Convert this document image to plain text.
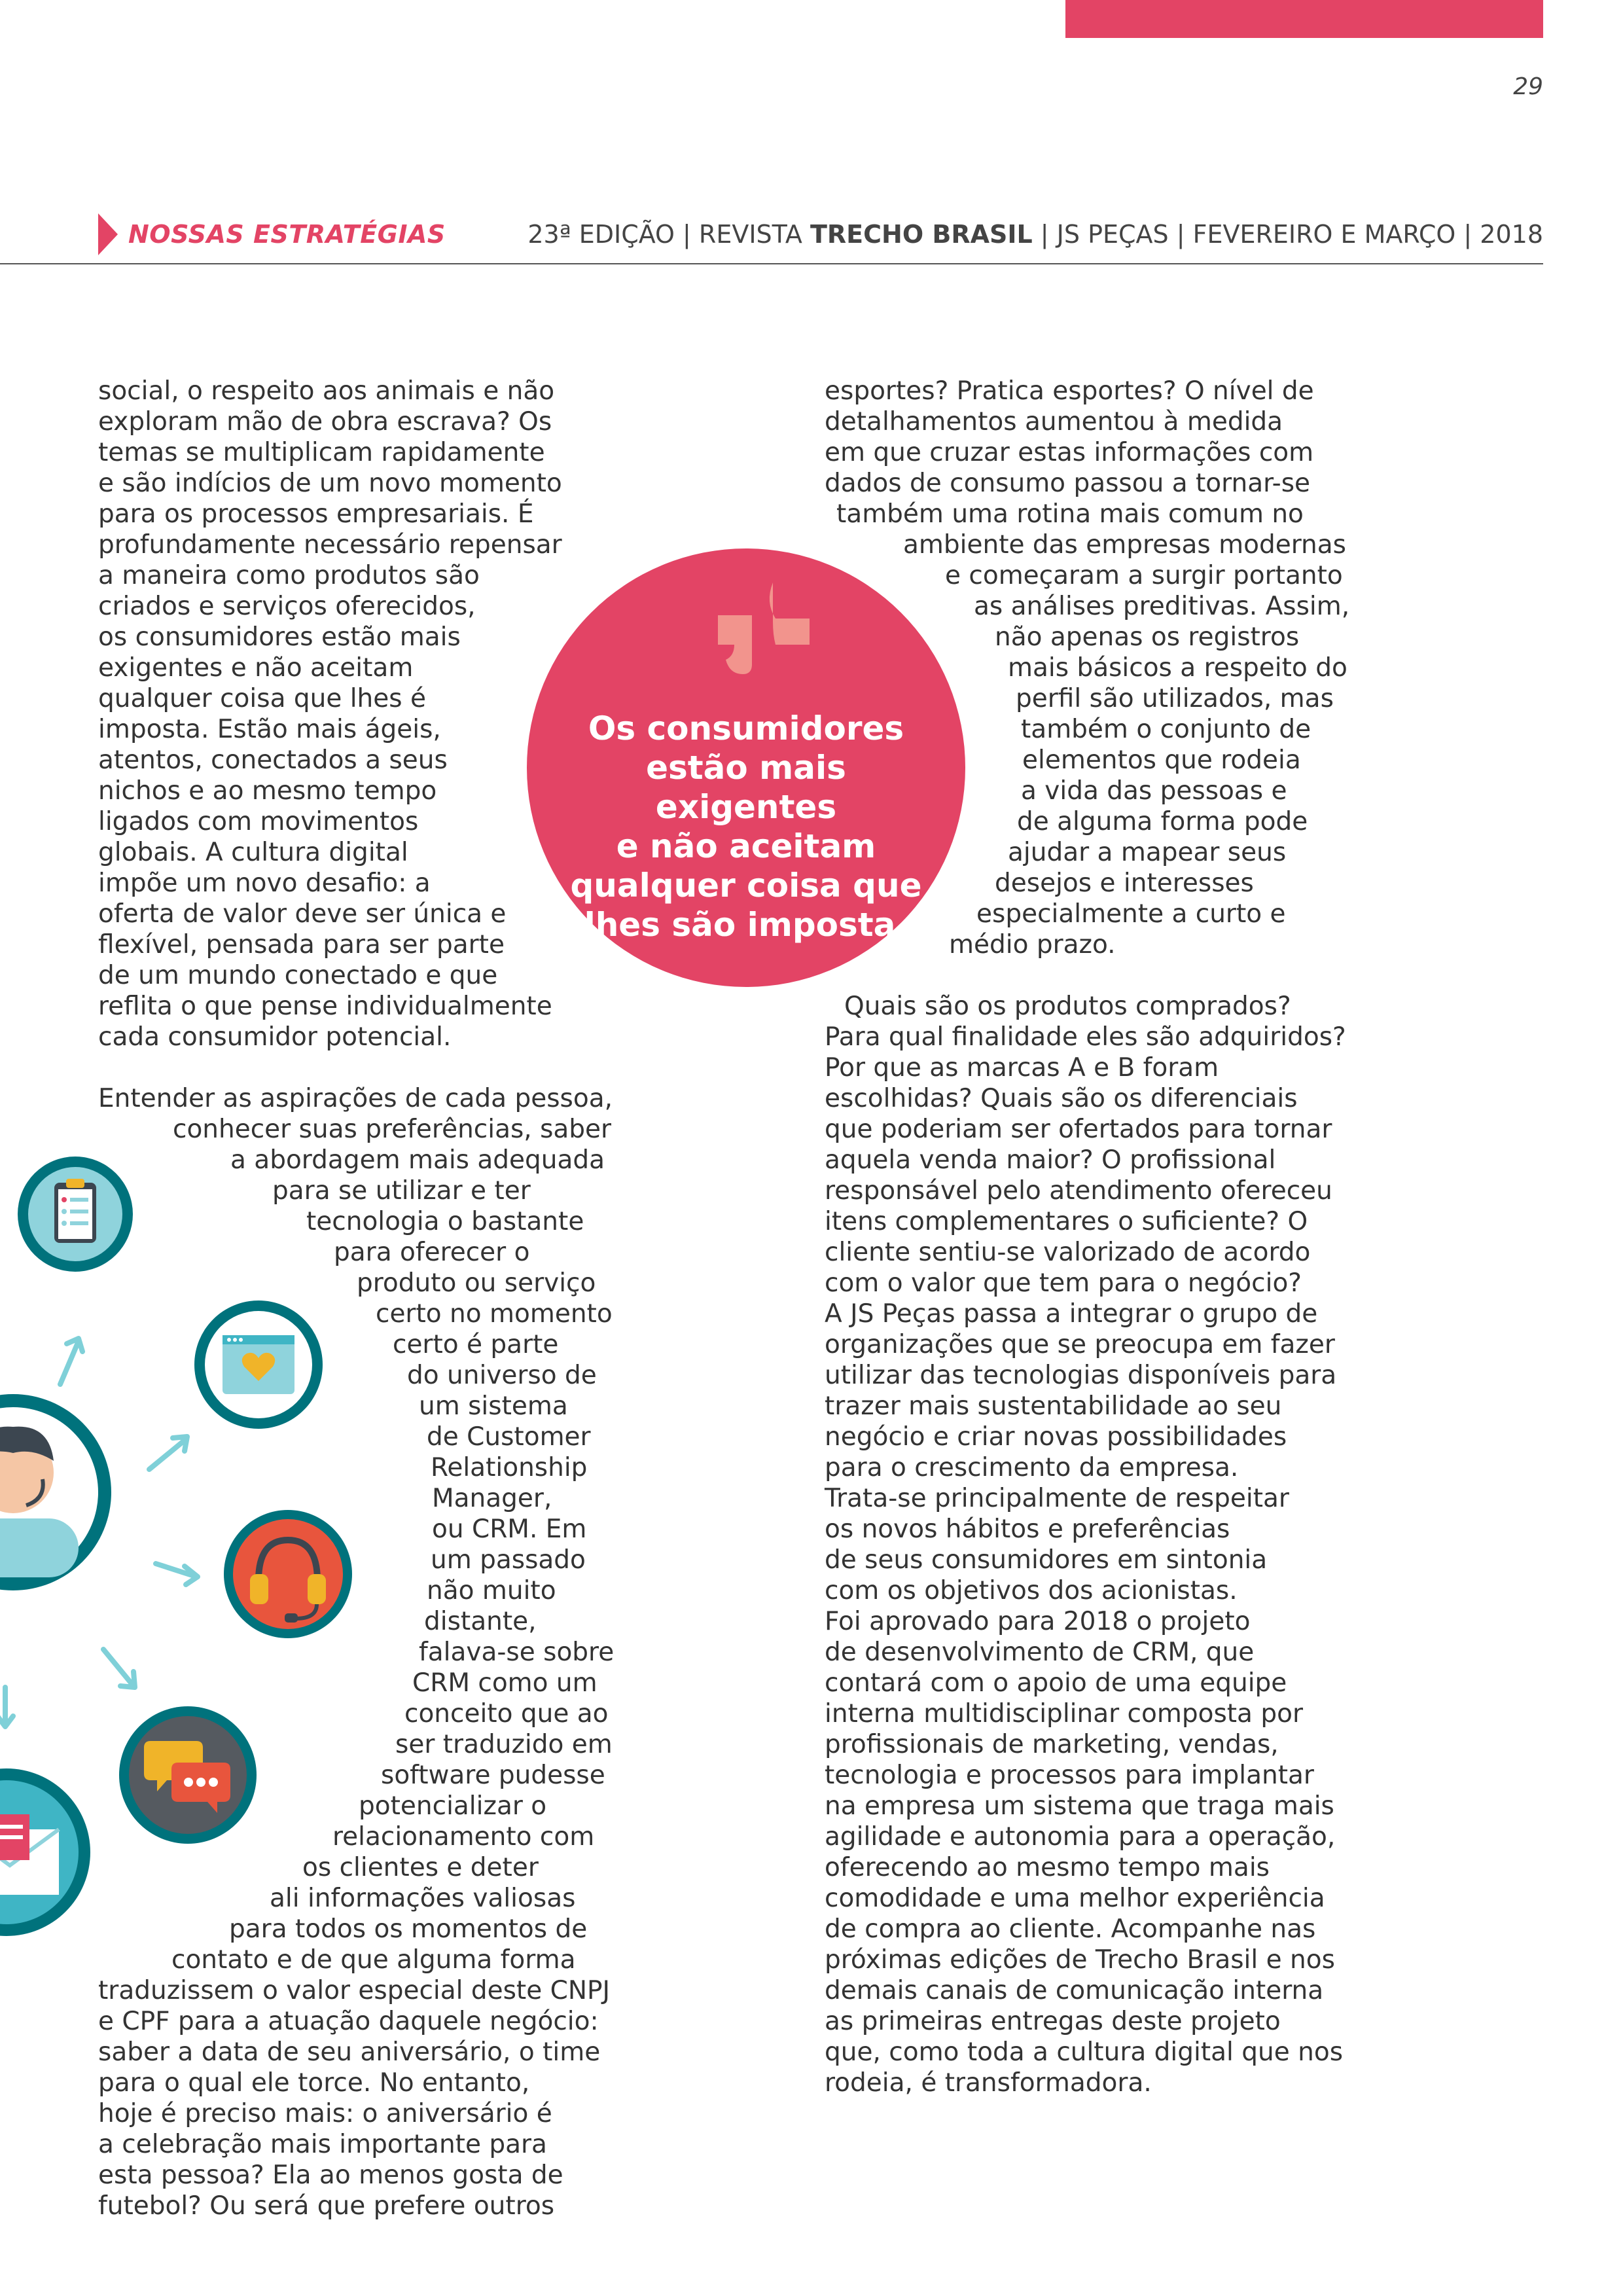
29
NOSSAS ESTRATÉGIAS	23ª EDIÇÃO | REVISTA TRECHO BRASIL | JS PEÇAS | FEVEREIRO E MARÇO | 2018
social, o respeito aos animais e não
exploram mão de obra escrava? Os
temas se multiplicam rapidamente
e são indícios de um novo momento
para os processos empresariais. É
profundamente necessário repensar
a maneira como produtos são
criados e serviços oferecidos,
os consumidores estão mais
exigentes e não aceitam
qualquer coisa que lhes é
imposta. Estão mais ágeis,
atentos, conectados a seus
nichos e ao mesmo tempo
ligados com movimentos
globais. A cultura digital
impõe um novo desafio: a
oferta de valor deve ser única e
flexível, pensada para ser parte
de um mundo conectado e que
reflita o que pense individualmente
cada consumidor potencial.
Entender as aspirações de cada pessoa,
conhecer suas preferências, saber
a abordagem mais adequada
para se utilizar e ter
tecnologia o bastante
para oferecer o
produto ou serviço
certo no momento
certo é parte
do universo de
um sistema
de Customer
Relationship
Manager,
ou CRM. Em
um passado
não muito
distante,
falava-se sobre
CRM como um
conceito que ao
ser traduzido em
software pudesse
potencializar o
relacionamento com
os clientes e deter
ali informações valiosas
para todos os momentos de
contato e de que alguma forma
traduzissem o valor especial deste CNPJ
e CPF para a atuação daquele negócio:
saber a data de seu aniversário, o time
para o qual ele torce. No entanto,
hoje é preciso mais: o aniversário é
a celebração mais importante para
esta pessoa? Ela ao menos gosta de
futebol? Ou será que prefere outros
esportes? Pratica esportes? O nível de
detalhamentos aumentou à medida
em que cruzar estas informações com
dados de consumo passou a tornar-se
também uma rotina mais comum no
ambiente das empresas modernas
e começaram a surgir portanto
as análises preditivas. Assim,
não apenas os registros
mais básicos a respeito do
perfil são utilizados, mas
também o conjunto de
elementos que rodeia
a vida das pessoas e
de alguma forma pode
ajudar a mapear seus
desejos e interesses
especialmente a curto e
médio prazo.
Quais são os produtos comprados?
Para qual finalidade eles são adquiridos?
Por que as marcas A e B foram
escolhidas? Quais são os diferenciais
que poderiam ser ofertados para tornar
aquela venda maior? O profissional
responsável pelo atendimento ofereceu
itens complementares o suficiente? O
cliente sentiu-se valorizado de acordo
com o valor que tem para o negócio?
A JS Peças passa a integrar o grupo de
organizações que se preocupa em fazer
utilizar das tecnologias disponíveis para
trazer mais sustentabilidade ao seu
negócio e criar novas possibilidades
para o crescimento da empresa.
Trata-se principalmente de respeitar
os novos hábitos e preferências
de seus consumidores em sintonia
com os objetivos dos acionistas.
Foi aprovado para 2018 o projeto
de desenvolvimento de CRM, que
contará com o apoio de uma equipe
interna multidisciplinar composta por
profissionais de marketing, vendas,
tecnologia e processos para implantar
na empresa um sistema que traga mais
agilidade e autonomia para a operação,
oferecendo ao mesmo tempo mais
comodidade e uma melhor experiência
de compra ao cliente. Acompanhe nas
próximas edições de Trecho Brasil e nos
demais canais de comunicação interna
as primeiras entregas deste projeto
que, como toda a cultura digital que nos
rodeia, é transformadora.
Os consumidores
estão mais exigentes
e não aceitam
qualquer coisa que
lhes são imposta.
